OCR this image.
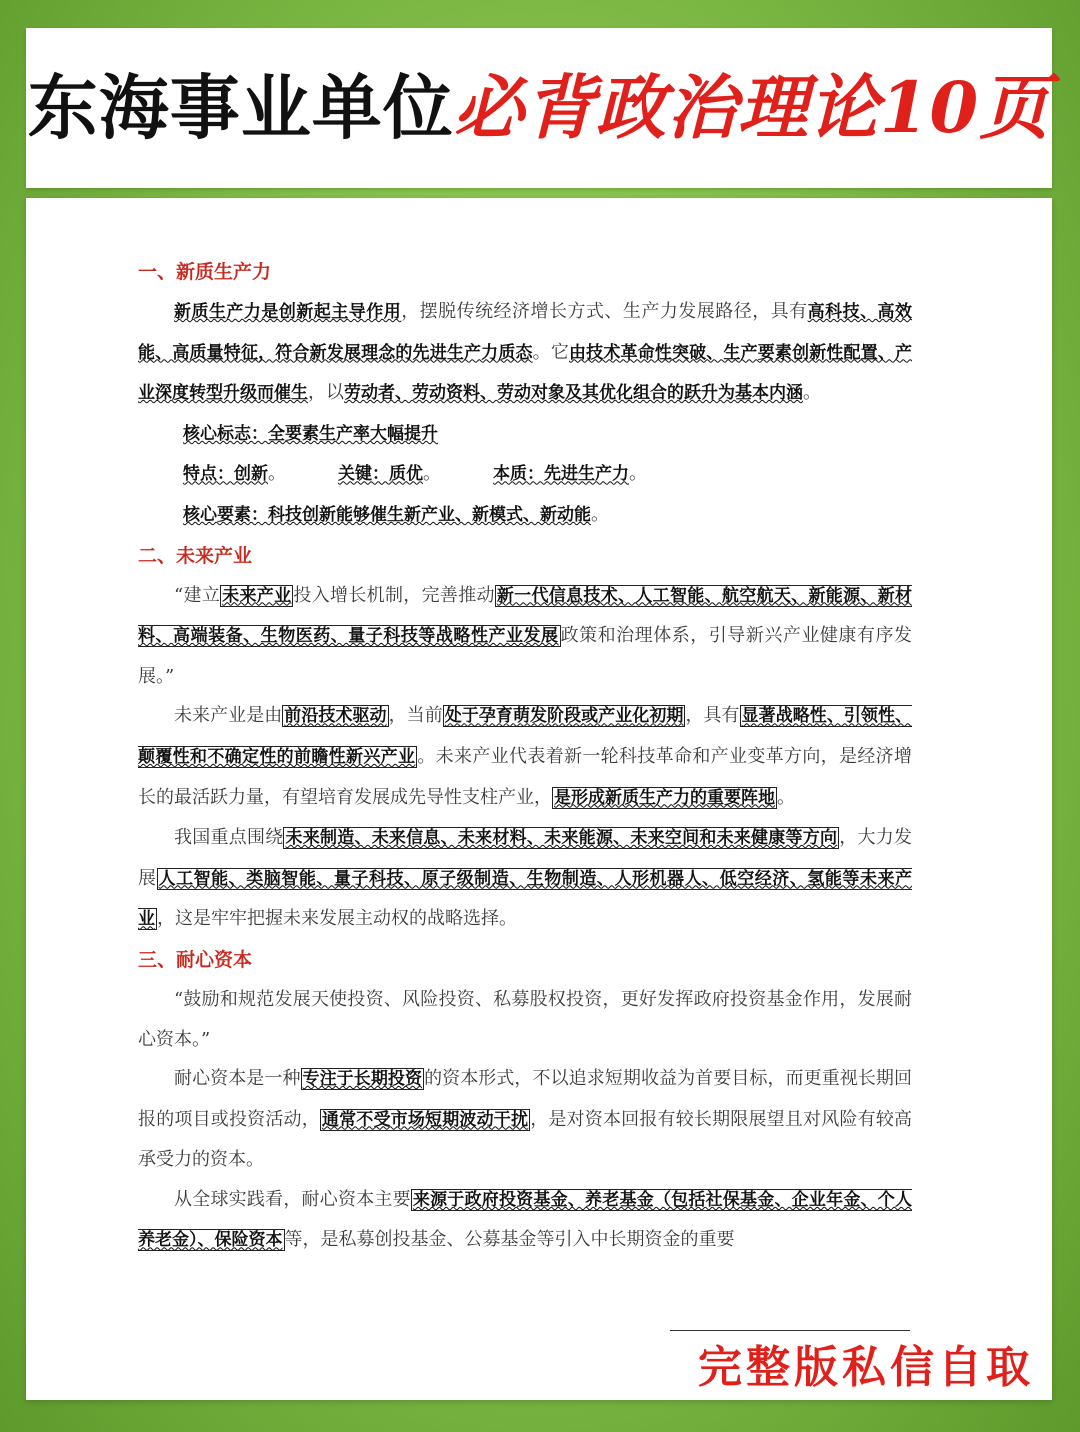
东海事业单位必背政治理论10页
一、新质生产力

新质生产力是创新起主导作用，摆脱传统经济增长方式、生产力发展路径，具有高科技、高效能、高质量特征，符合新发展理念的先进生产力质态。它由技术革命性突破、生产要素创新性配置、产业深度转型升级而催生，以劳动者、劳动资料、劳动对象及其优化组合的跃升为基本内涵。

核心标志：全要素生产率大幅提升
特点：创新。	关键：质优。	本质：先进生产力。
核心要素：科技创新能够催生新产业、新模式、新动能。
二、未来产业

“建立 未来产业 投入增长机制，完善推动 新一代信息技术、人工智能、航空航天、新能源、新材料、高端装备、生物医药、量子科技等战略性产业发展 政策和治理体系，引导新兴产业健康有序发展。”

未来产业是由 前沿技术驱动 ，当前 处于孕育萌发阶段或产业化初期 ，具有 显著战略性、引领性、颠覆性和不确定性的前瞻性新兴产业 。未来产业代表着新一轮科技革命和产业变革方向，是经济增长的最活跃力量，有望培育发展成先导性支柱产业， 是形成新质生产力的重要阵地 。

我国重点围绕 未来制造、未来信息、未来材料、未来能源、未来空间和未来健康等方向 ，大力发展 人工智能、类脑智能、量子科技、原子级制造、生物制造、人形机器人、低空经济、氢能等未来产业 ，这是牢牢把握未来发展主动权的战略选择。

三、耐心资本

“鼓励和规范发展天使投资、风险投资、私募股权投资，更好发挥政府投资基金作用，发展耐心资本。”

耐心资本是一种 专注于长期投资 的资本形式，不以追求短期收益为首要目标，而更重视长期回报的项目或投资活动， 通常不受市场短期波动干扰 ，是对资本回报有较长期限展望且对风险有较高承受力的资本。

从全球实践看，耐心资本主要 来源于政府投资基金、养老基金（包括社保基金、企业年金、个人养老金）、保险资本 等，是私募创投基金、公募基金等引入中长期资金的重要

完整版私信自取
